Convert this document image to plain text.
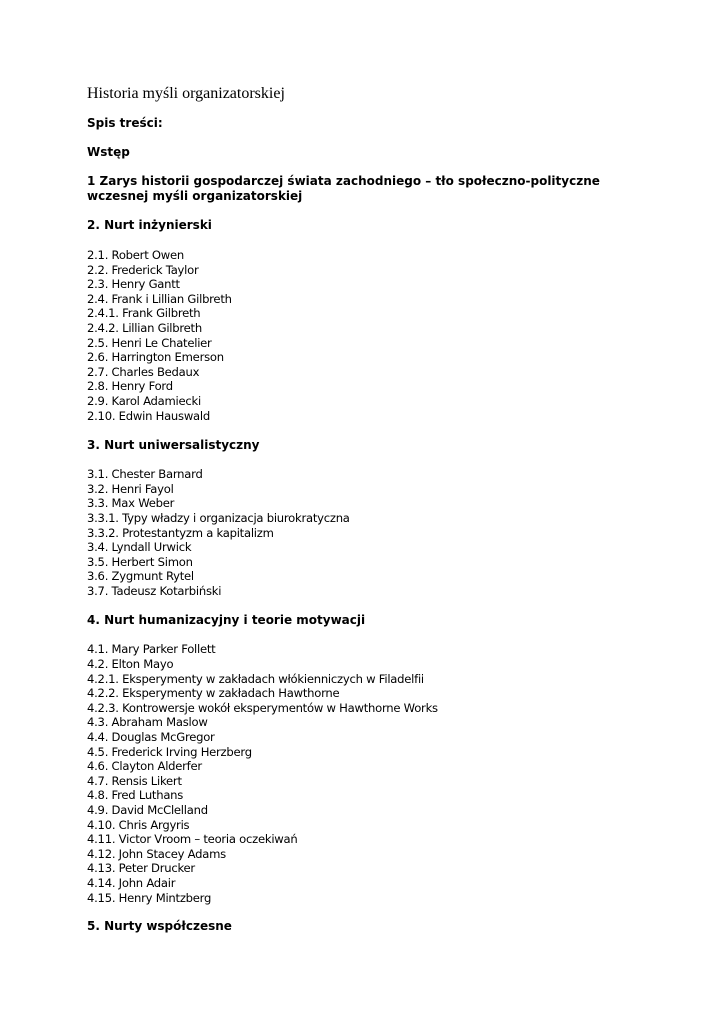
Historia myśli organizatorskiej
Spis treści:
Wstęp
1 Zarys historii gospodarczej świata zachodniego – tło społeczno-polityczne wczesnej myśli organizatorskiej
2. Nurt inżynierski
2.1. Robert Owen
2.2. Frederick Taylor
2.3. Henry Gantt
2.4. Frank i Lillian Gilbreth
2.4.1. Frank Gilbreth
2.4.2. Lillian Gilbreth
2.5. Henri Le Chatelier
2.6. Harrington Emerson
2.7. Charles Bedaux
2.8. Henry Ford
2.9. Karol Adamiecki
2.10. Edwin Hauswald
3. Nurt uniwersalistyczny
3.1. Chester Barnard
3.2. Henri Fayol
3.3. Max Weber
3.3.1. Typy władzy i organizacja biurokratyczna
3.3.2. Protestantyzm a kapitalizm
3.4. Lyndall Urwick
3.5. Herbert Simon
3.6. Zygmunt Rytel
3.7. Tadeusz Kotarbiński
4. Nurt humanizacyjny i teorie motywacji
4.1. Mary Parker Follett
4.2. Elton Mayo
4.2.1. Eksperymenty w zakładach włókienniczych w Filadelfii
4.2.2. Eksperymenty w zakładach Hawthorne
4.2.3. Kontrowersje wokół eksperymentów w Hawthorne Works
4.3. Abraham Maslow
4.4. Douglas McGregor
4.5. Frederick Irving Herzberg
4.6. Clayton Alderfer
4.7. Rensis Likert
4.8. Fred Luthans
4.9. David McClelland
4.10. Chris Argyris
4.11. Victor Vroom – teoria oczekiwań
4.12. John Stacey Adams
4.13. Peter Drucker
4.14. John Adair
4.15. Henry Mintzberg
5. Nurty współczesne
